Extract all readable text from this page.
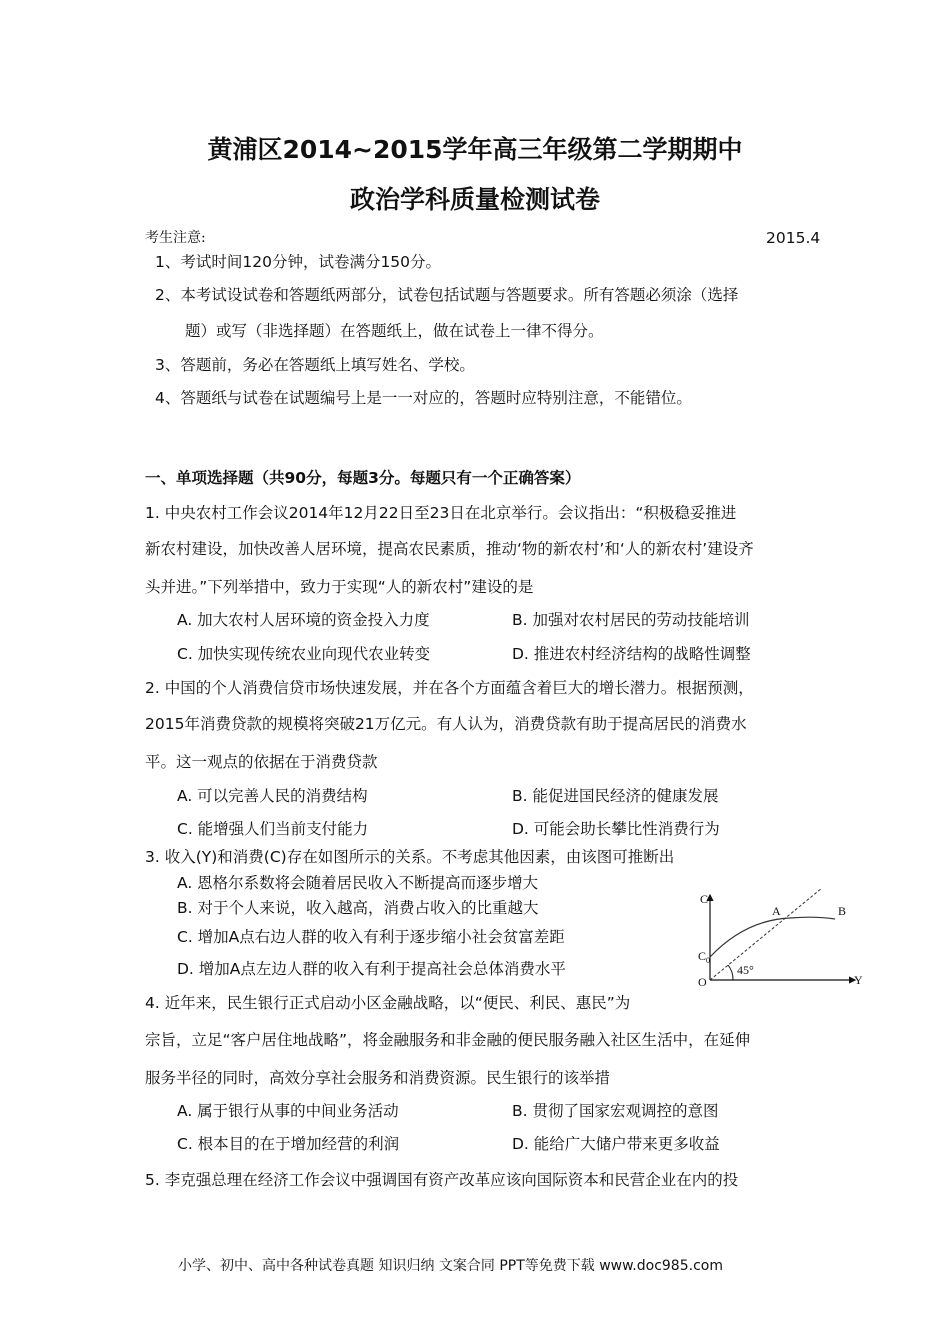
黄浦区2014~2015学年高三年级第二学期期中
政治学科质量检测试卷
考生注意:	2015.4
1、考试时间120分钟，试卷满分150分。
2、本考试设试卷和答题纸两部分，试卷包括试题与答题要求。所有答题必须涂（选择
题）或写（非选择题）在答题纸上，做在试卷上一律不得分。
3、答题前，务必在答题纸上填写姓名、学校。
4、答题纸与试卷在试题编号上是一一对应的，答题时应特别注意，不能错位。
一、单项选择题（共90分，每题3分。每题只有一个正确答案）
1. 中央农村工作会议2014年12月22日至23日在北京举行。会议指出：“积极稳妥推进
新农村建设，加快改善人居环境，提高农民素质，推动‘物的新农村’和‘人的新农村’建设齐
头并进。”下列举措中，致力于实现“人的新农村”建设的是
A. 加大农村人居环境的资金投入力度	B. 加强对农村居民的劳动技能培训
C. 加快实现传统农业向现代农业转变	D. 推进农村经济结构的战略性调整
2. 中国的个人消费信贷市场快速发展，并在各个方面蕴含着巨大的增长潜力。根据预测，
2015年消费贷款的规模将突破21万亿元。有人认为，消费贷款有助于提高居民的消费水
平。这一观点的依据在于消费贷款
A. 可以完善人民的消费结构	B. 能促进国民经济的健康发展
C. 能增强人们当前支付能力	D. 可能会助长攀比性消费行为
3. 收入(Y)和消费(C)存在如图所示的关系。不考虑其他因素，由该图可推断出
A. 恩格尔系数将会随着居民收入不断提高而逐步增大
B. 对于个人来说，收入越高，消费占收入的比重越大
C. 增加A点右边人群的收入有利于逐步缩小社会贫富差距
D. 增加A点左边人群的收入有利于提高社会总体消费水平
C
Y
O
$C_0$
A	B
45°
4. 近年来，民生银行正式启动小区金融战略，以“便民、利民、惠民”为
宗旨，立足“客户居住地战略”，将金融服务和非金融的便民服务融入社区生活中，在延伸
服务半径的同时，高效分享社会服务和消费资源。民生银行的该举措
A. 属于银行从事的中间业务活动	B. 贯彻了国家宏观调控的意图
C. 根本目的在于增加经营的利润	D. 能给广大储户带来更多收益
5. 李克强总理在经济工作会议中强调国有资产改革应该向国际资本和民营企业在内的投
小学、初中、高中各种试卷真题 知识归纳 文案合同 PPT等免费下载 www.doc985.com
